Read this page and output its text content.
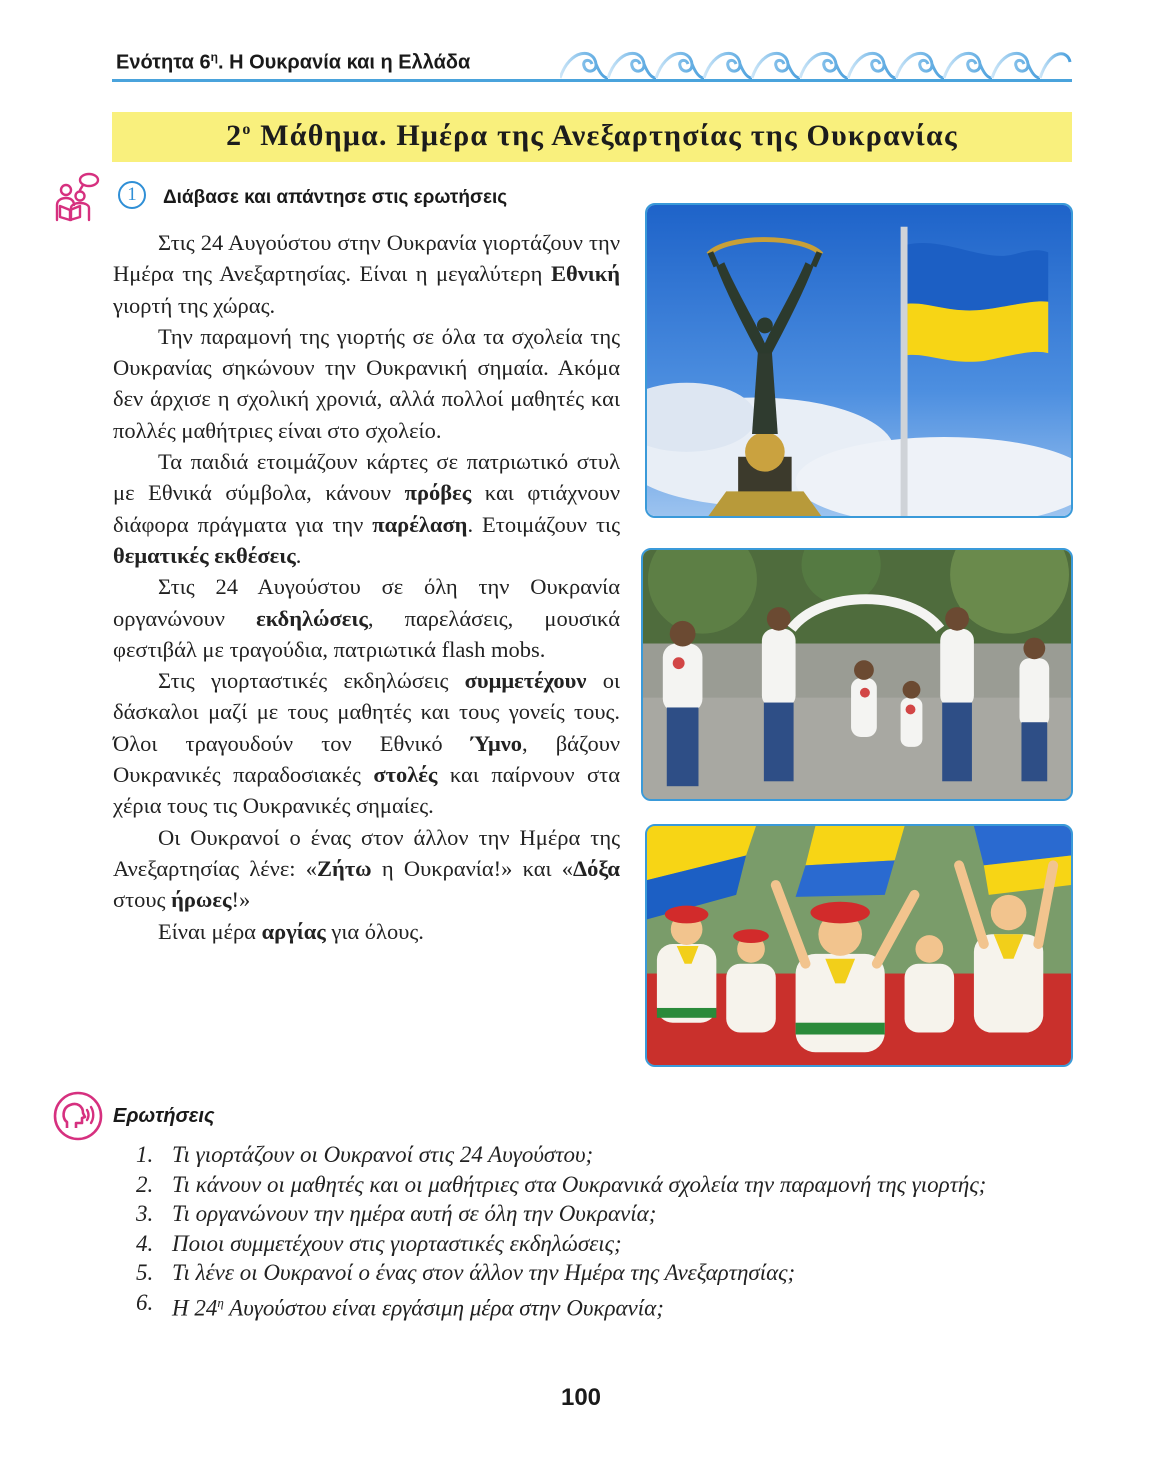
Ενότητα $6^\eta$. Η Ουκρανία και η Ελλάδα
$2^o$ Μάθημα. Ημέρα της Ανεξαρτησίας της Ουκρανίας
1	Διάβασε και απάντησε στις ερωτήσεις

Στις 24 Αυγούστου στην Ουκρανία γιορτάζουν την Ημέρα της Ανεξαρτησίας. Είναι η μεγαλύτερη Εθνική γιορτή της χώρας.

Την παραμονή της γιορτής σε όλα τα σχολεία της Ουκρανίας σηκώνουν την Ουκρανική σημαία. Ακόμα δεν άρχισε η σχολική χρονιά, αλλά πολλοί μαθητές και πολλές μαθήτριες είναι στο σχολείο.

Τα παιδιά ετοιμάζουν κάρτες σε πατριωτικό στυλ με Εθνικά σύμβολα, κάνουν πρόβες και φτιάχνουν διάφορα πράγματα για την παρέλαση. Ετοιμάζουν τις θεματικές εκθέσεις.

Στις 24 Αυγούστου σε όλη την Ουκρανία οργανώνουν εκδηλώσεις, παρελάσεις, μουσικά φεστιβάλ με τραγούδια, πατριωτικά flash mobs.

Στις γιορταστικές εκδηλώσεις συμμετέχουν οι δάσκαλοι μαζί με τους μαθητές και τους γονείς τους. Όλοι τραγουδούν τον Εθνικό Ύμνο, βάζουν Ουκρανικές παραδοσιακές στολές και παίρνουν στα χέρια τους τις Ουκρανικές σημαίες.

Οι Ουκρανοί ο ένας στον άλλον την Ημέρα της Ανεξαρτησίας λένε: «Ζήτω η Ουκρανία!» και «Δόξα στους ήρωες!»

Είναι μέρα αργίας για όλους.

Ερωτήσεις
1. Τι γιορτάζουν οι Ουκρανοί στις 24 Αυγούστου;
2. Τι κάνουν οι μαθητές και οι μαθήτριες στα Ουκρανικά σχολεία την παραμονή της γιορτής;
3. Τι οργανώνουν την ημέρα αυτή σε όλη την Ουκρανία;
4. Ποιοι συμμετέχουν στις γιορταστικές εκδηλώσεις;
5. Τι λένε οι Ουκρανοί ο ένας στον άλλον την Ημέρα της Ανεξαρτησίας;
6. Η $24^\eta$ Αυγούστου είναι εργάσιμη μέρα στην Ουκρανία;
100
